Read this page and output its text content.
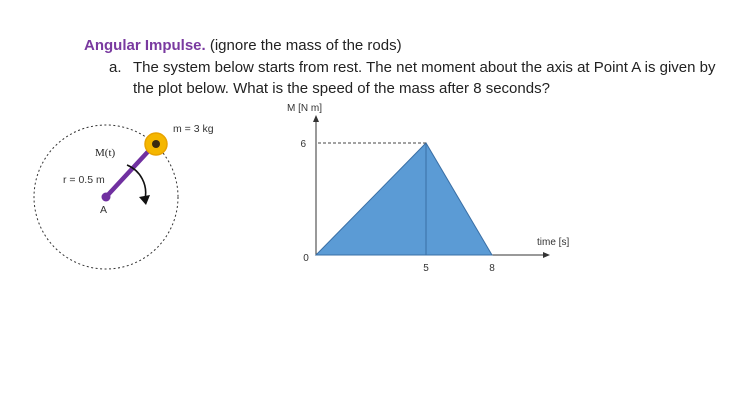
Angular Impulse. (ignore the mass of the rods)
a. The system below starts from rest. The net moment about the axis at Point A is given by the plot below. What is the speed of the mass after 8 seconds?
m = 3 kg
M(t)
r = 0.5 m
A
M [N m]
time [s]
0
5	8
6
